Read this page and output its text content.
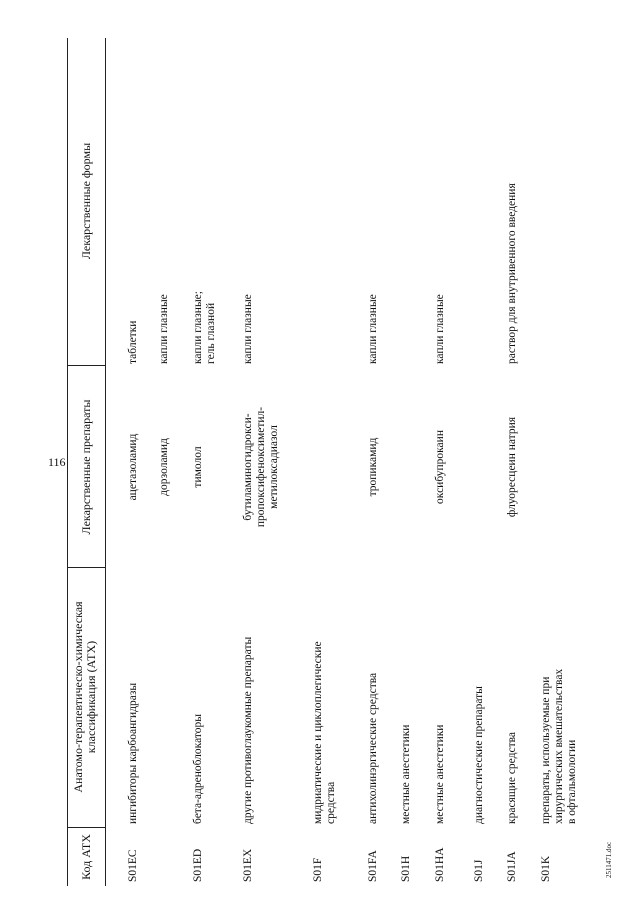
116
2511471.doc
Код АТХ
Анатомо-терапевтическо-химическая классификация (АТХ)
Лекарственные препараты
Лекарственные формы
S01EC
ингибиторы карбоангидразы
ацетазоламид
таблетки
дорзоламид
капли глазные
S01ED
бета-адреноблокаторы
тимолол
капли глазные;
гель глазной
S01EX
другие противоглаукомные препараты
бутиламиногидрокси-
пропоксифеноксиметил-
метилоксадиазол
капли глазные
S01F
мидриатические и циклоплегические
средства
S01FA
антихолинэргические средства
тропикамид
капли глазные
S01H
местные анестетики
S01HA
местные анестетики
оксибупрокаин
капли глазные
S01J
диагностические препараты
S01JA
красящие средства
флуоресцеин натрия
раствор для внутривенного введения
S01K
препараты, используемые при
хирургических вмешательствах
в офтальмологии
